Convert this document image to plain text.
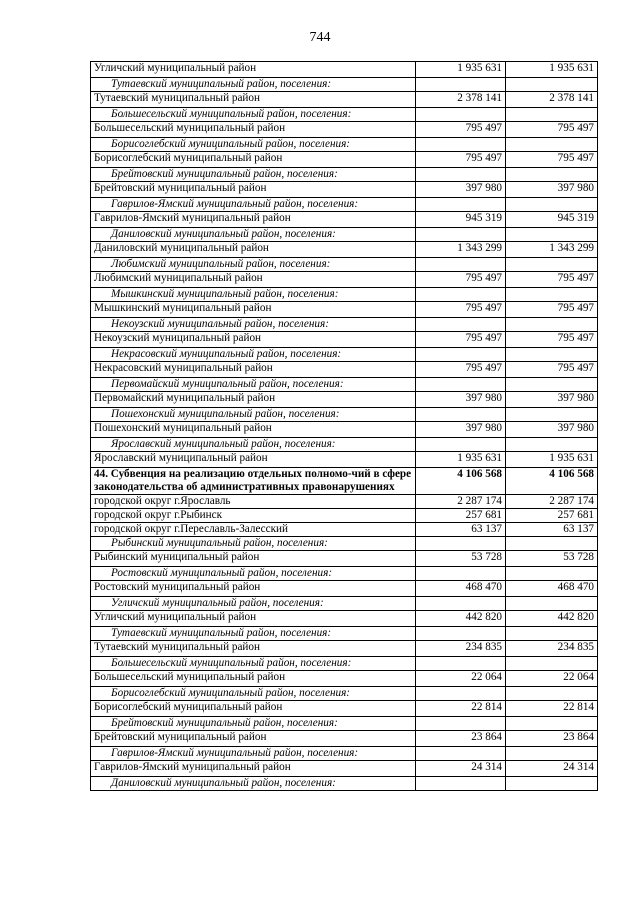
744
Угличский муниципальный район	1 935 631	1 935 631
Тутаевский муниципальный район, поселения:		
Тутаевский муниципальный район	2 378 141	2 378 141
Большесельский муниципальный район, поселения:		
Большесельский муниципальный район	795 497	795 497
Борисоглебский муниципальный район, поселения:		
Борисоглебский муниципальный район	795 497	795 497
Брейтовский муниципальный район, поселения:		
Брейтовский муниципальный район	397 980	397 980
Гаврилов-Ямский муниципальный район, поселения:		
Гаврилов-Ямский муниципальный район	945 319	945 319
Даниловский муниципальный район, поселения:		
Даниловский муниципальный район	1 343 299	1 343 299
Любимский муниципальный район, поселения:		
Любимский муниципальный район	795 497	795 497
Мышкинский муниципальный район, поселения:		
Мышкинский муниципальный район	795 497	795 497
Некоузский муниципальный район, поселения:		
Некоузский муниципальный район	795 497	795 497
Некрасовский муниципальный район, поселения:		
Некрасовский муниципальный район	795 497	795 497
Первомайский муниципальный район, поселения:		
Первомайский муниципальный район	397 980	397 980
Пошехонский муниципальный район, поселения:		
Пошехонский муниципальный район	397 980	397 980
Ярославский муниципальный район, поселения:		
Ярославский муниципальный район	1 935 631	1 935 631
44. Субвенция на реализацию отдельных полномо-чий в сфере законодательства об административных правонарушениях	4 106 568	4 106 568
городской округ г.Ярославль	2 287 174	2 287 174
городской округ г.Рыбинск	257 681	257 681
городской округ г.Переславль-Залесский	63 137	63 137
Рыбинский муниципальный район, поселения:		
Рыбинский муниципальный район	53 728	53 728
Ростовский муниципальный район, поселения:		
Ростовский муниципальный район	468 470	468 470
Угличский муниципальный район, поселения:		
Угличский муниципальный район	442 820	442 820
Тутаевский муниципальный район, поселения:		
Тутаевский муниципальный район	234 835	234 835
Большесельский муниципальный район, поселения:		
Большесельский муниципальный район	22 064	22 064
Борисоглебский муниципальный район, поселения:		
Борисоглебский муниципальный район	22 814	22 814
Брейтовский муниципальный район, поселения:		
Брейтовский муниципальный район	23 864	23 864
Гаврилов-Ямский муниципальный район, поселения:		
Гаврилов-Ямский муниципальный район	24 314	24 314
Даниловский муниципальный район, поселения:		
